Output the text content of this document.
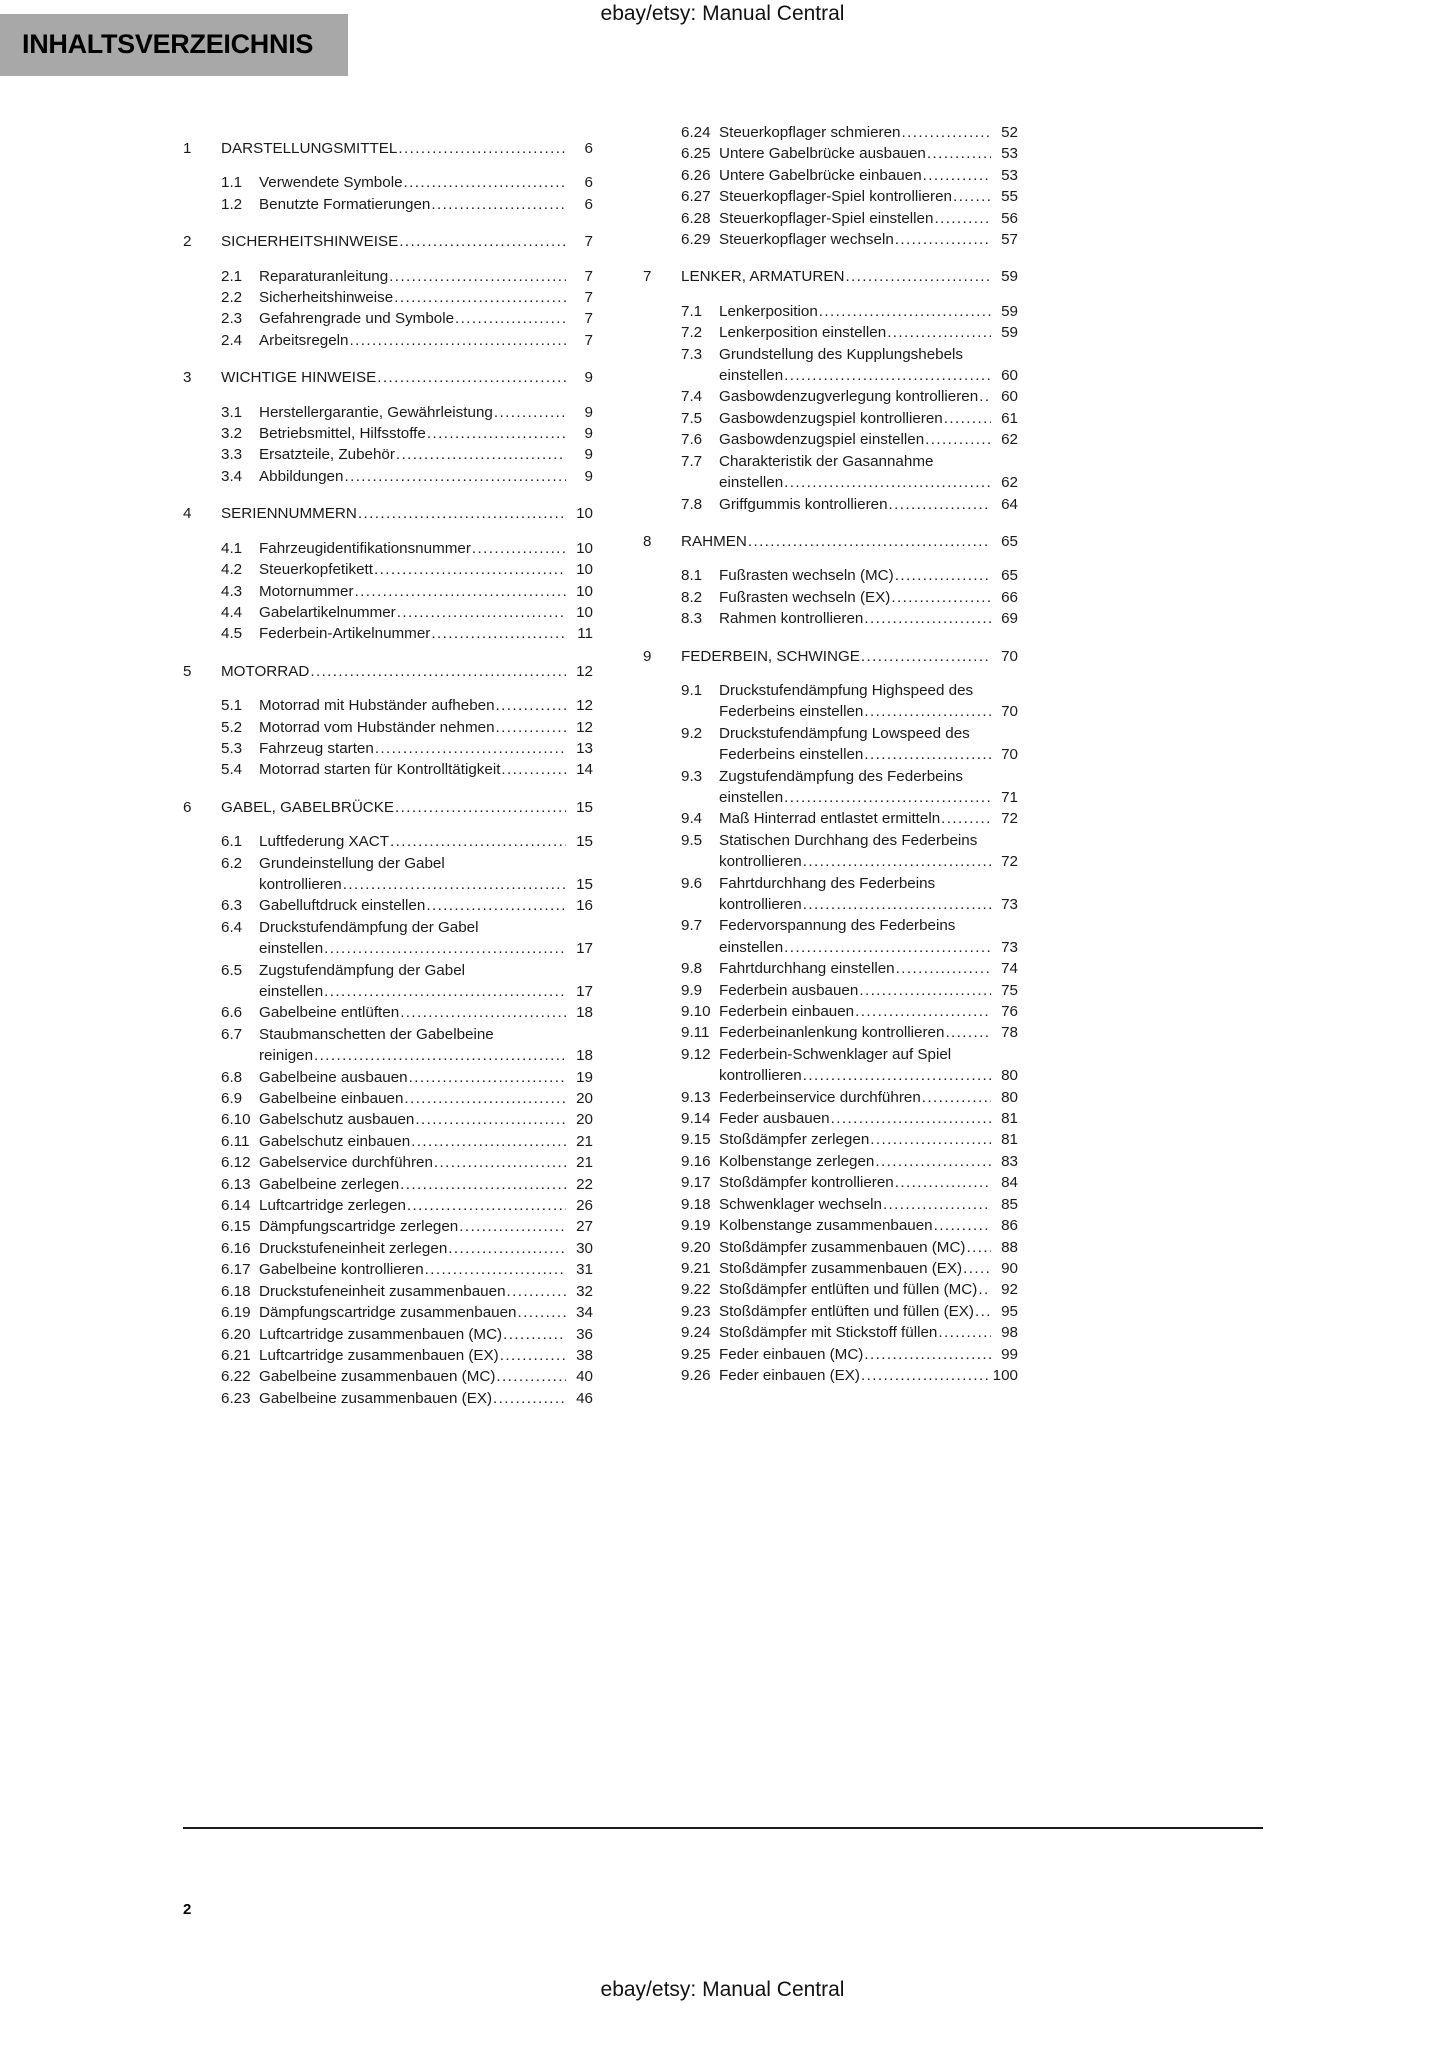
ebay/etsy: Manual Central
INHALTSVERZEICHNIS
1	DARSTELLUNGSMITTEL .....	6
1.1	Verwendete Symbole .....	6
1.2	Benutzte Formatierungen .....	6
2	SICHERHEITSHINWEISE .....	7
2.1	Reparaturanleitung .....	7
2.2	Sicherheitshinweise .....	7
2.3	Gefahrengrade und Symbole .....	7
2.4	Arbeitsregeln .....	7
3	WICHTIGE HINWEISE .....	9
3.1	Herstellergarantie, Gewährleistung .....	9
3.2	Betriebsmittel, Hilfsstoffe .....	9
3.3	Ersatzteile, Zubehör .....	9
3.4	Abbildungen .....	9
4	SERIENNUMMERN .....	10
4.1	Fahrzeugidentifikationsnummer .....	10
4.2	Steuerkopfetikett .....	10
4.3	Motornummer .....	10
4.4	Gabelartikelnummer .....	10
4.5	Federbein-Artikelnummer .....	11
5	MOTORRAD .....	12
5.1	Motorrad mit Hubständer aufheben .....	12
5.2	Motorrad vom Hubständer nehmen .....	12
5.3	Fahrzeug starten .....	13
5.4	Motorrad starten für Kontrolltätigkeit .....	14
6	GABEL, GABELBRÜCKE .....	15
6.1	Luftfederung XACT .....	15
6.2	Grundeinstellung der Gabel
kontrollieren .....	15
6.3	Gabelluftdruck einstellen .....	16
6.4	Druckstufendämpfung der Gabel
einstellen .....	17
6.5	Zugstufendämpfung der Gabel
einstellen .....	17
6.6	Gabelbeine entlüften .....	18
6.7	Staubmanschetten der Gabelbeine
reinigen .....	18
6.8	Gabelbeine ausbauen .....	19
6.9	Gabelbeine einbauen .....	20
6.10 Gabelschutz ausbauen .....	20
6.11 Gabelschutz einbauen .....	21
6.12 Gabelservice durchführen .....	21
6.13 Gabelbeine zerlegen .....	22
6.14 Luftcartridge zerlegen .....	26
6.15 Dämpfungscartridge zerlegen .....	27
6.16 Druckstufeneinheit zerlegen .....	30
6.17 Gabelbeine kontrollieren .....	31
6.18 Druckstufeneinheit zusammenbauen .....	32
6.19 Dämpfungscartridge zusammenbauen .....	34
6.20 Luftcartridge zusammenbauen (MC) .....	36
6.21 Luftcartridge zusammenbauen (EX) .....	38
6.22 Gabelbeine zusammenbauen (MC) .....	40
6.23 Gabelbeine zusammenbauen (EX) .....	46
6.24 Steuerkopflager schmieren .....	52
6.25 Untere Gabelbrücke ausbauen .....	53
6.26 Untere Gabelbrücke einbauen .....	53
6.27 Steuerkopflager-Spiel kontrollieren .....	55
6.28 Steuerkopflager-Spiel einstellen .....	56
6.29 Steuerkopflager wechseln .....	57
7	LENKER, ARMATUREN .....	59
7.1	Lenkerposition .....	59
7.2	Lenkerposition einstellen .....	59
7.3	Grundstellung des Kupplungshebels
einstellen .....	60
7.4	Gasbowdenzugverlegung kontrollieren .....	60
7.5	Gasbowdenzugspiel kontrollieren .....	61
7.6	Gasbowdenzugspiel einstellen .....	62
7.7	Charakteristik der Gasannahme
einstellen .....	62
7.8	Griffgummis kontrollieren .....	64
8	RAHMEN .....	65
8.1	Fußrasten wechseln (MC) .....	65
8.2	Fußrasten wechseln (EX) .....	66
8.3	Rahmen kontrollieren .....	69
9	FEDERBEIN, SCHWINGE .....	70
9.1	Druckstufendämpfung Highspeed des
Federbeins einstellen .....	70
9.2	Druckstufendämpfung Lowspeed des
Federbeins einstellen .....	70
9.3	Zugstufendämpfung des Federbeins
einstellen .....	71
9.4	Maß Hinterrad entlastet ermitteln .....	72
9.5	Statischen Durchhang des Federbeins
kontrollieren .....	72
9.6	Fahrtdurchhang des Federbeins
kontrollieren .....	73
9.7	Federvorspannung des Federbeins
einstellen .....	73
9.8	Fahrtdurchhang einstellen .....	74
9.9	Federbein ausbauen .....	75
9.10 Federbein einbauen .....	76
9.11 Federbeinanlenkung kontrollieren .....	78
9.12 Federbein-Schwenklager auf Spiel
kontrollieren .....	80
9.13 Federbeinservice durchführen .....	80
9.14 Feder ausbauen .....	81
9.15 Stoßdämpfer zerlegen .....	81
9.16 Kolbenstange zerlegen .....	83
9.17 Stoßdämpfer kontrollieren .....	84
9.18 Schwenklager wechseln .....	85
9.19 Kolbenstange zusammenbauen .....	86
9.20 Stoßdämpfer zusammenbauen (MC) .....	88
9.21 Stoßdämpfer zusammenbauen (EX) .....	90
9.22 Stoßdämpfer entlüften und füllen (MC) .....	92
9.23 Stoßdämpfer entlüften und füllen (EX) .....	95
9.24 Stoßdämpfer mit Stickstoff füllen .....	98
9.25 Feder einbauen (MC) .....	99
9.26 Feder einbauen (EX) .....	100
2
ebay/etsy: Manual Central
